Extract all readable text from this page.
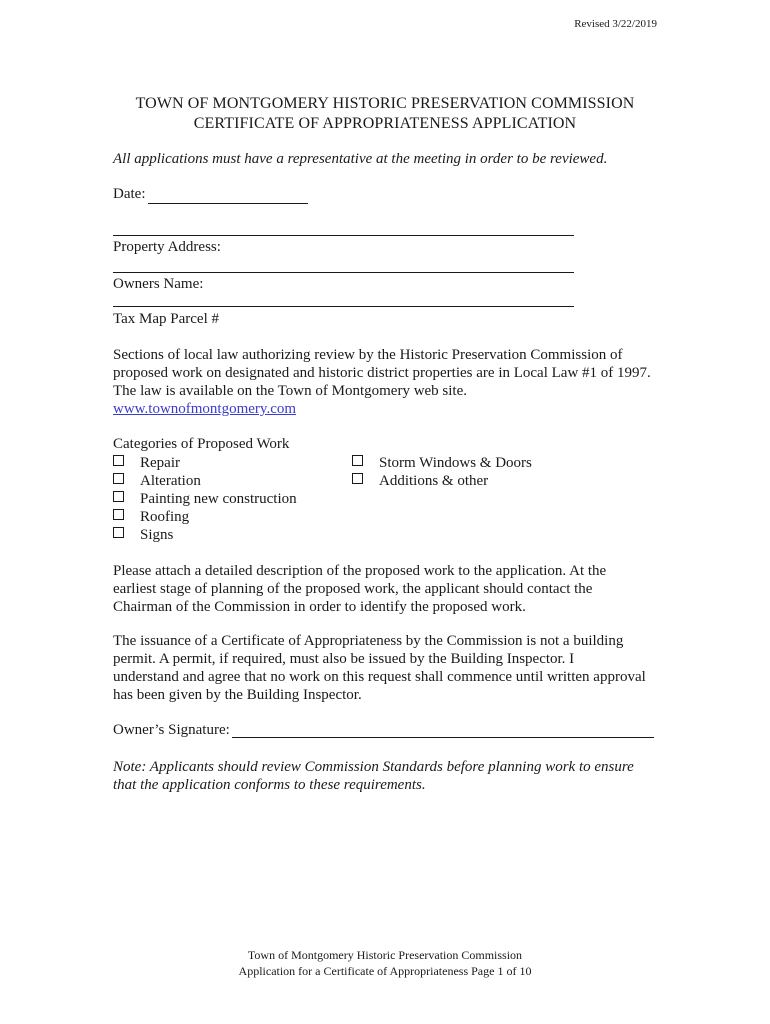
Revised 3/22/2019
TOWN OF MONTGOMERY HISTORIC PRESERVATION COMMISSION
CERTIFICATE OF APPROPRIATENESS APPLICATION
All applications must have a representative at the meeting in order to be reviewed.
Date:
Property Address:
Owners Name:
Tax Map Parcel #
Sections of local law authorizing review by the Historic Preservation Commission of
proposed work on designated and historic district properties are in Local Law #1 of 1997.
The law is available on the Town of Montgomery web site.
www.townofmontgomery.com
Categories of Proposed Work
Repair
Alteration
Painting new construction
Roofing
Signs
Storm Windows & Doors
Additions & other
Please attach a detailed description of the proposed work to the application. At the
earliest stage of planning of the proposed work, the applicant should contact the
Chairman of the Commission in order to identify the proposed work.
The issuance of a Certificate of Appropriateness by the Commission is not a building
permit. A permit, if required, must also be issued by the Building Inspector. I
understand and agree that no work on this request shall commence until written approval
has been given by the Building Inspector.
Owner’s Signature:
Note: Applicants should review Commission Standards before planning work to ensure
that the application conforms to these requirements.
Town of Montgomery Historic Preservation Commission
Application for a Certificate of Appropriateness Page 1 of 10
